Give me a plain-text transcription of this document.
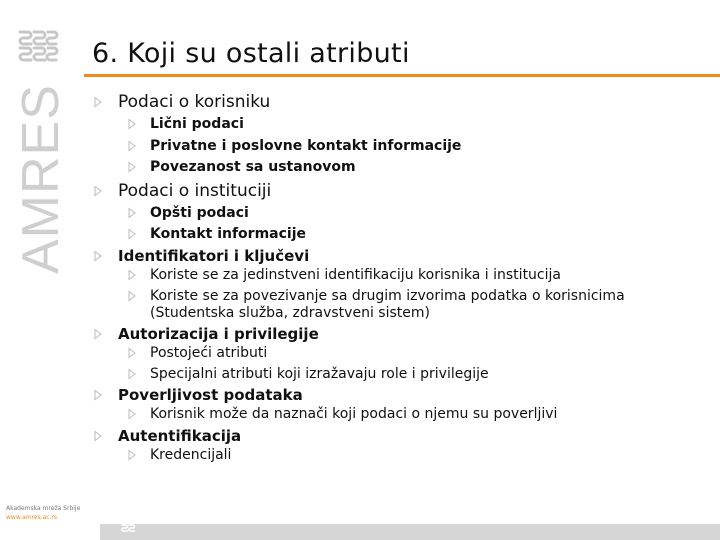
AMRES
6. Koji su ostali atributi
Podaci o korisniku
Lični podaci
Privatne i poslovne kontakt informacije
Povezanost sa ustanovom
Podaci o instituciji
Opšti podaci
Kontakt informacije
Identifikatori i ključevi
Koriste se za jedinstveni identifikaciju korisnika i institucija
Koriste se za povezivanje sa drugim izvorima podatka o korisnicima
(Studentska služba, zdravstveni sistem)
Autorizacija i privilegije
Postojeći atributi
Specijalni atributi koji izražavaju role i privilegije
Poverljivost podataka
Korisnik može da naznači koji podaci o njemu su poverljivi
Autentifikacija
Kredencijali
Akademska mreža Srbije
www.amres.ac.rs
